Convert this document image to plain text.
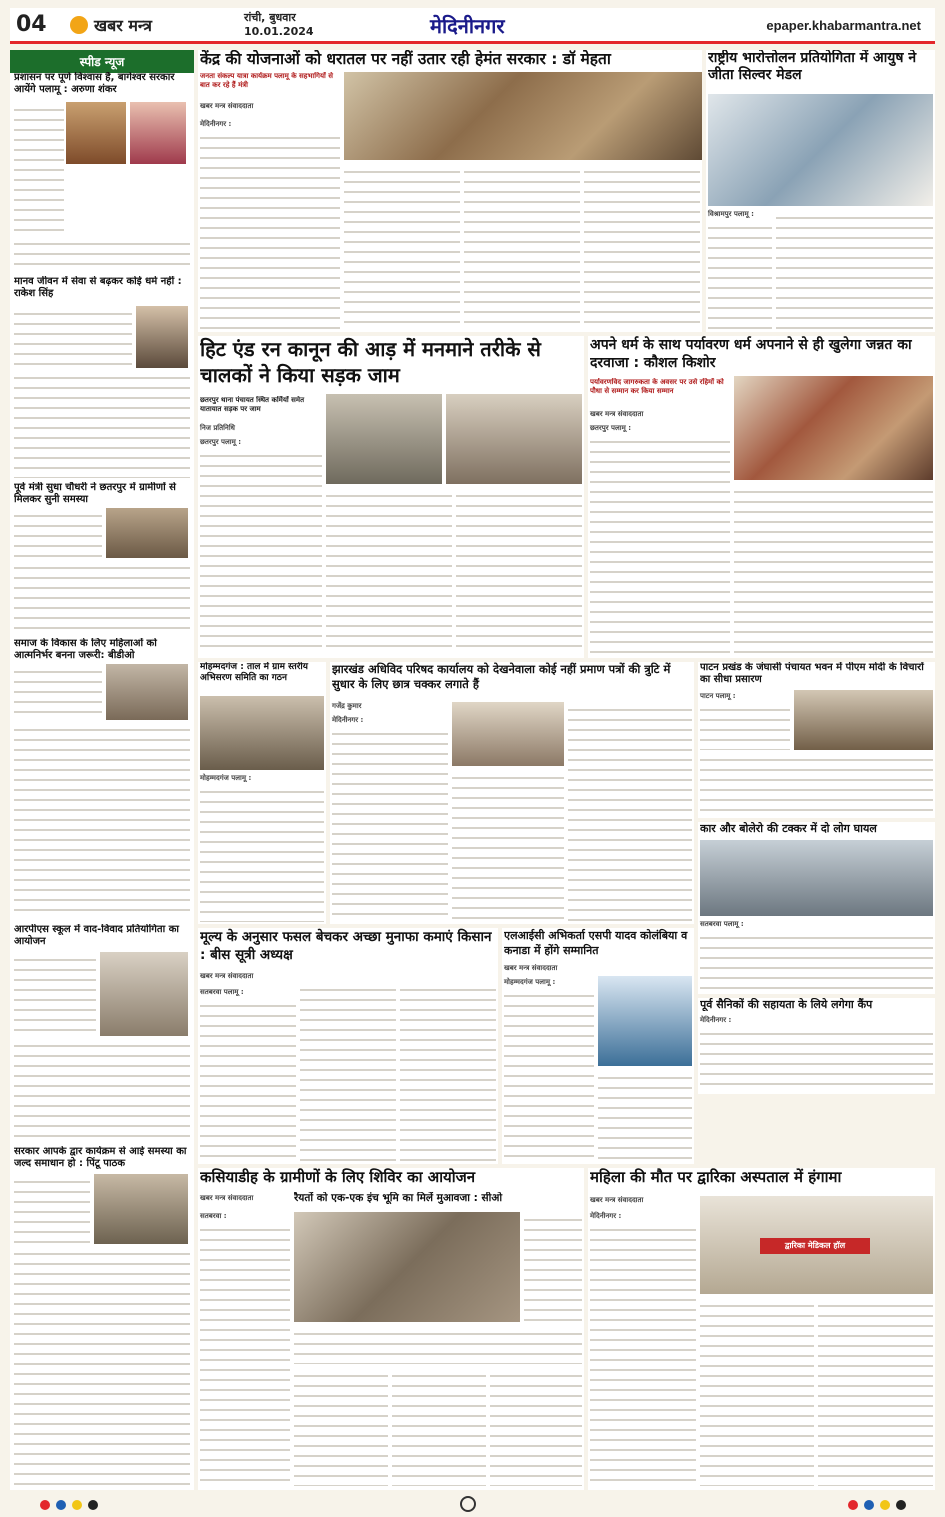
04	खबर मन्त्र	रांची, बुधवार
10.01.2024	मेदिनीनगर	epaper.khabarmantra.net
स्पीड न्यूज
प्रशासन पर पूर्ण विश्वास है, बागेश्वर सरकार आयेंगे पलामू : अरुणा शंकर
मानव जीवन में सेवा से बढ़कर कोई धर्म नहीं : राकेश सिंह
पूर्व मंत्री सुधा चौधरी ने छतरपुर में ग्रामीणों से मिलकर सुनी समस्या
समाज के विकास के लिए महिलाओं को आत्मनिर्भर बनना जरूरी: बीडीओ
आरपीएस स्कूल में वाद-विवाद प्रतियोगिता का आयोजन
सरकार आपके द्वार कार्यक्रम से आई समस्या का जल्द समाधान हो : पिंटू पाठक
केंद्र की योजनाओं को धरातल पर नहीं उतार रही हेमंत सरकार : डॉ मेहता
जनता संकल्प यात्रा कार्यक्रम पलामू के सहभागियों से बात कर रहे हैं मंत्री
खबर मन्त्र संवाददाता
मेदिनीनगर :
राष्ट्रीय भारोत्तोलन प्रतियोगिता में आयुष ने जीता सिल्वर मेडल
विश्रामपुर पलामू :
हिट एंड रन कानून की आड़ में मनमाने तरीके से चालकों ने किया सड़क जाम
छतरपुर थाना पंचायत स्थित कर्मियों समेत यातायात सड़क पर जाम
निज प्रतिनिधि
छतरपुर पलामू :
अपने धर्म के साथ पर्यावरण धर्म अपनाने से ही खुलेगा जन्नत का दरवाजा : कौशल किशोर
पर्यावरणविद जागरुकता के अवसर पर उसे रहिमों को पौधा से सम्मान कर किया सम्मान
खबर मन्त्र संवाददाता
छतरपुर पलामू :
मोहम्मदगंज : ताल में ग्राम स्तरीय अभिसरण समिति का गठन
मोहम्मदगंज पलामू :
झारखंड अधिविद परिषद कार्यालय को देखनेवाला कोई नहीं प्रमाण पत्रों की त्रुटि में सुधार के लिए छात्र चक्कर लगाते हैं
गजेंद्र कुमार
मेदिनीनगर :
पाटन प्रखंड के जंघासी पंचायत भवन में पीएम मोदी के विचारों का सीधा प्रसारण
पाटन पलामू :
कार और बोलेरो की टक्कर में दो लोग घायल
सतबरवा पलामू :
पूर्व सैनिकों की सहायता के लिये लगेगा कैंप
मेदिनीनगर :
मूल्य के अनुसार फसल बेचकर अच्छा मुनाफा कमाएं किसान : बीस सूत्री अध्यक्ष
खबर मन्त्र संवाददाता
सतबरवा पलामू :
एलआईसी अभिकर्ता एसपी यादव कोलंबिया व कनाडा में होंगे सम्मानित
खबर मन्त्र संवाददाता
मोहम्मदगंज पलामू :
कसियाडीह के ग्रामीणों के लिए शिविर का आयोजन
रैयतों को एक-एक इंच भूमि का मिलें मुआवजा : सीओ
खबर मन्त्र संवाददाता
सतबरवा :
महिला की मौत पर द्वारिका अस्पताल में हंगामा
खबर मन्त्र संवाददाता
मेदिनीनगर :
द्वारिका मेडिकल हॉल
